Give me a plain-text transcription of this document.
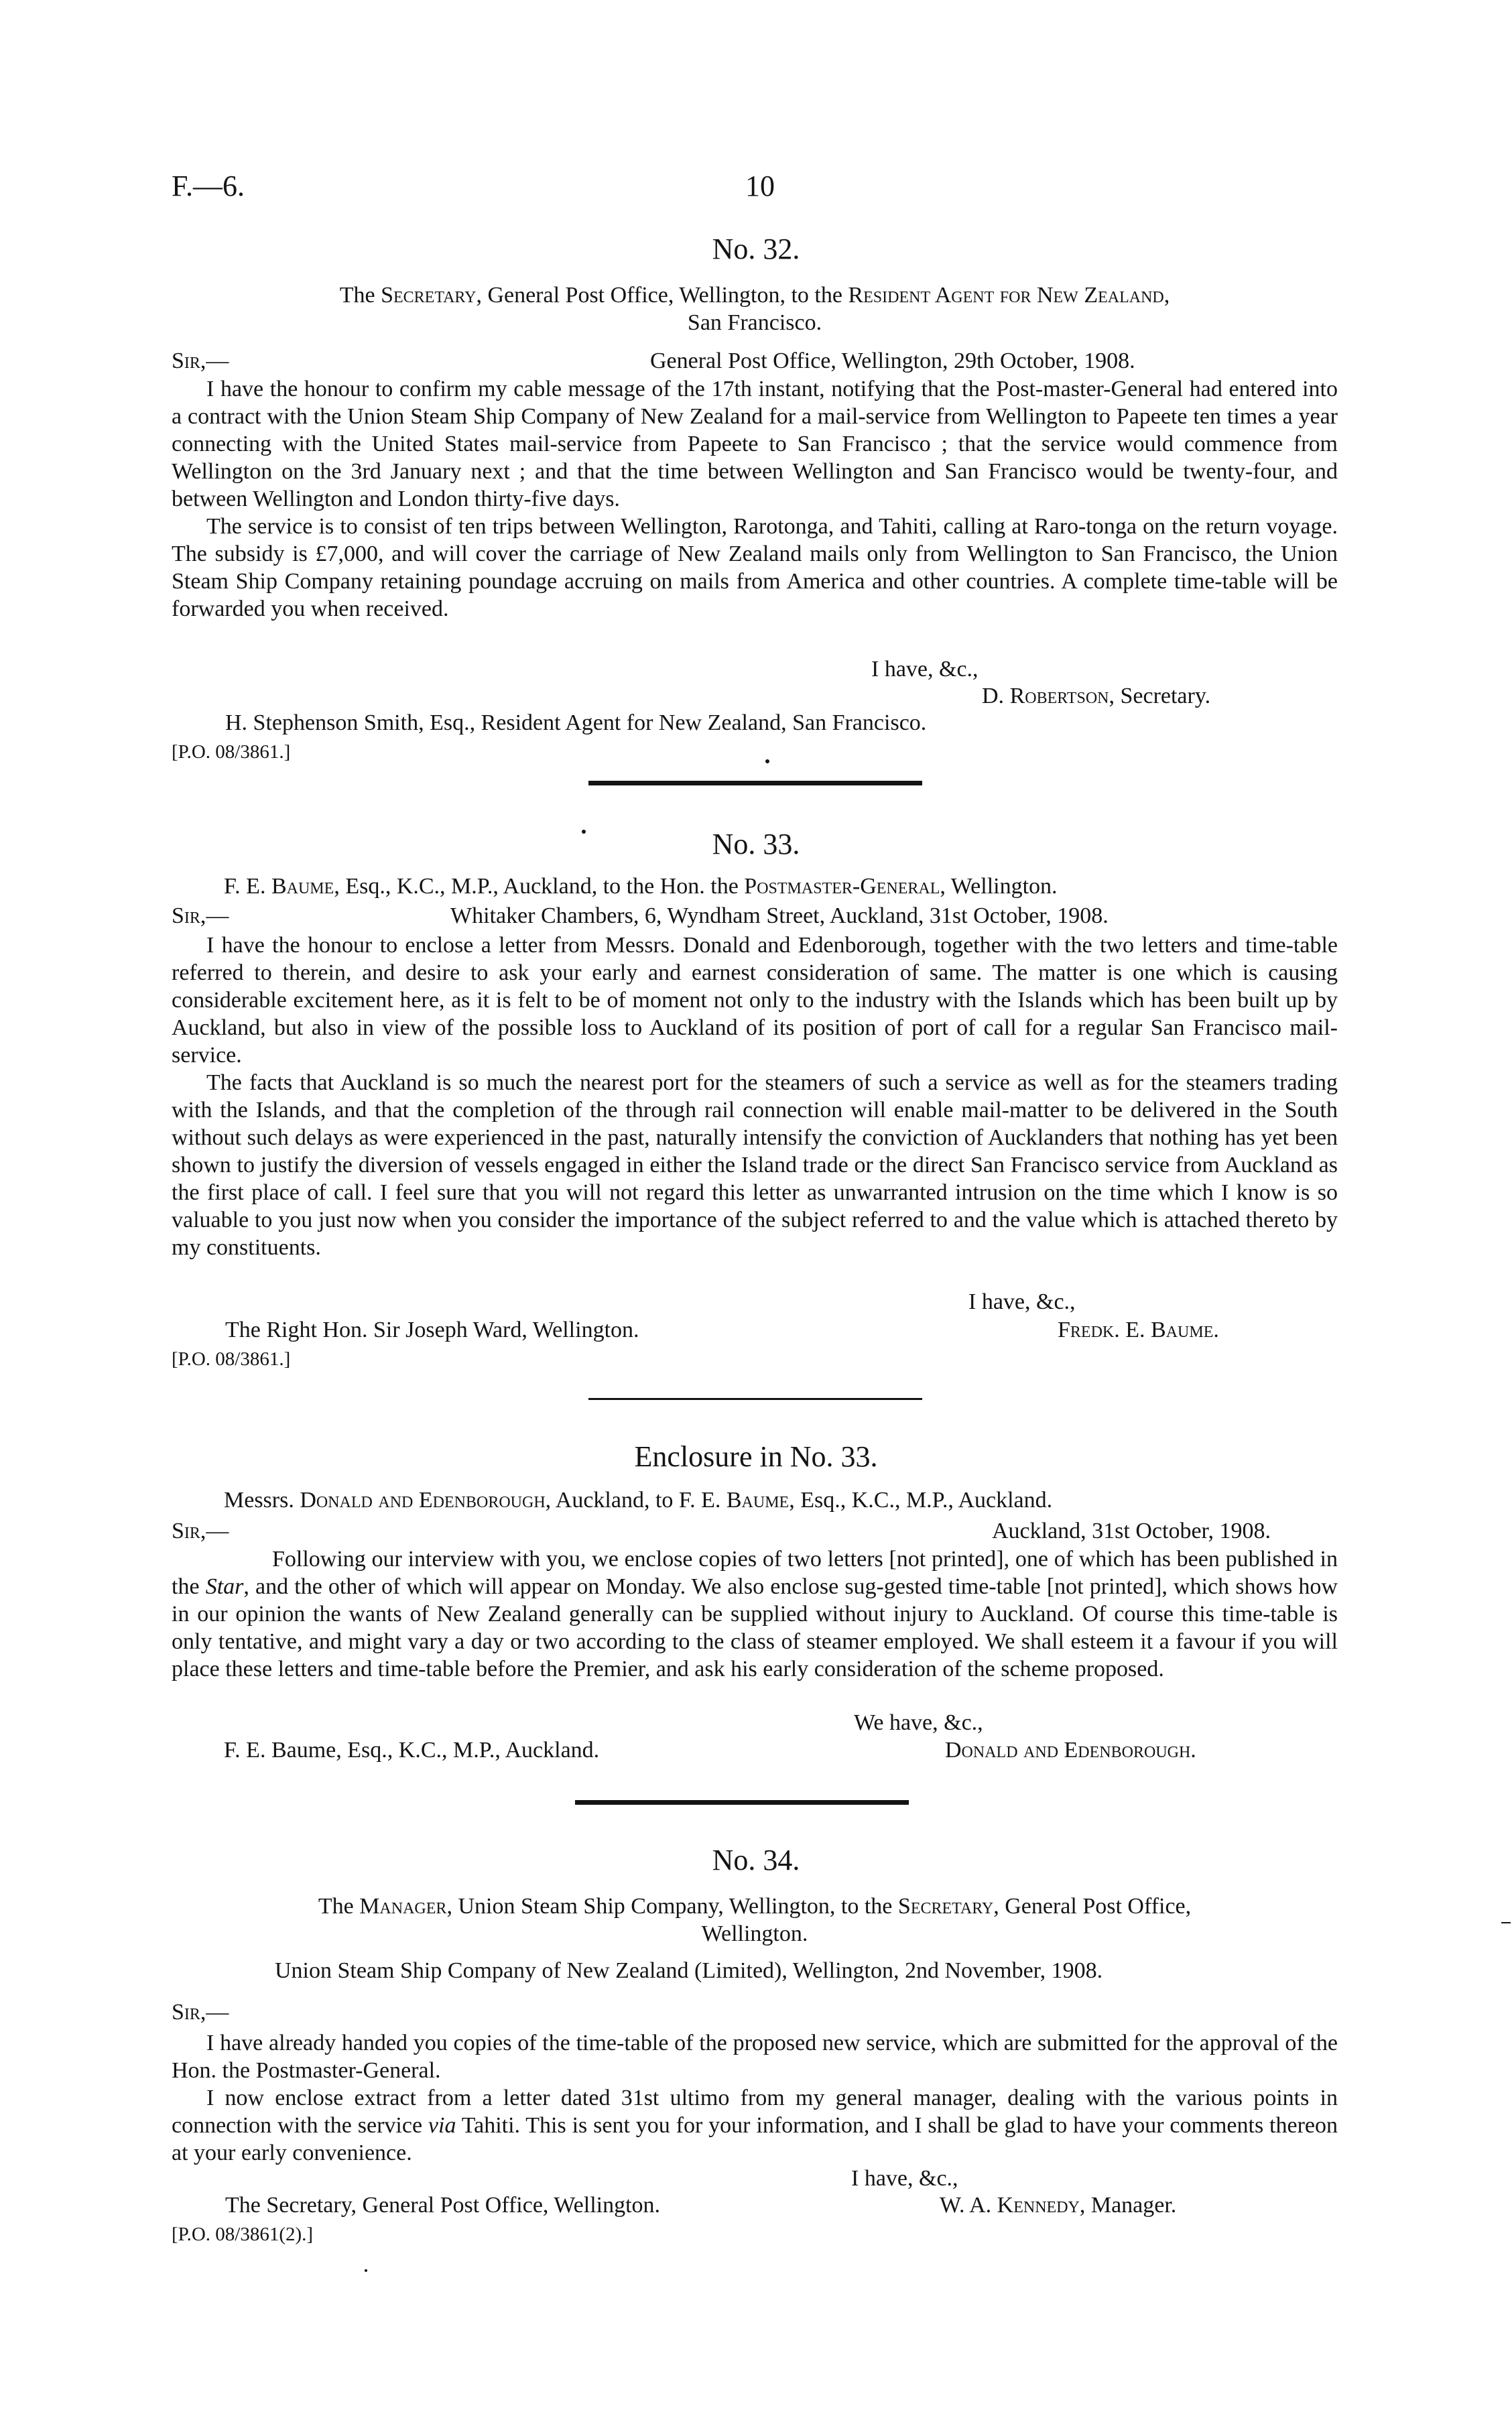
F.—6.	10
No. 32.
The Secretary, General Post Office, Wellington, to the Resident Agent for New Zealand,
San Francisco.
Sir,—	General Post Office, Wellington, 29th October, 1908.

I have the honour to confirm my cable message of the 17th instant, notifying that the Post-master-General had entered into a contract with the Union Steam Ship Company of New Zealand for a mail-service from Wellington to Papeete ten times a year connecting with the United States mail-service from Papeete to San Francisco ; that the service would commence from Wellington on the 3rd January next ; and that the time between Wellington and San Francisco would be twenty-four, and between Wellington and London thirty-five days.

The service is to consist of ten trips between Wellington, Rarotonga, and Tahiti, calling at Raro-tonga on the return voyage. The subsidy is £7,000, and will cover the carriage of New Zealand mails only from Wellington to San Francisco, the Union Steam Ship Company retaining poundage accruing on mails from America and other countries. A complete time-table will be forwarded you when received.

I have, &c.,
D. Robertson, Secretary.
H. Stephenson Smith, Esq., Resident Agent for New Zealand, San Francisco.
[P.O. 08/3861.]
No. 33.
F. E. Baume, Esq., K.C., M.P., Auckland, to the Hon. the Postmaster-General, Wellington.
Sir,—	Whitaker Chambers, 6, Wyndham Street, Auckland, 31st October, 1908.

I have the honour to enclose a letter from Messrs. Donald and Edenborough, together with the two letters and time-table referred to therein, and desire to ask your early and earnest consideration of same. The matter is one which is causing considerable excitement here, as it is felt to be of moment not only to the industry with the Islands which has been built up by Auckland, but also in view of the possible loss to Auckland of its position of port of call for a regular San Francisco mail-service.

The facts that Auckland is so much the nearest port for the steamers of such a service as well as for the steamers trading with the Islands, and that the completion of the through rail connection will enable mail-matter to be delivered in the South without such delays as were experienced in the past, naturally intensify the conviction of Aucklanders that nothing has yet been shown to justify the diversion of vessels engaged in either the Island trade or the direct San Francisco service from Auckland as the first place of call. I feel sure that you will not regard this letter as unwarranted intrusion on the time which I know is so valuable to you just now when you consider the importance of the subject referred to and the value which is attached thereto by my constituents.

I have, &c.,
The Right Hon. Sir Joseph Ward, Wellington.	Fredk. E. Baume.
[P.O. 08/3861.]
Enclosure in No. 33.
Messrs. Donald and Edenborough, Auckland, to F. E. Baume, Esq., K.C., M.P., Auckland.
Sir,—	Auckland, 31st October, 1908.

Following our interview with you, we enclose copies of two letters [not printed], one of which has been published in the Star, and the other of which will appear on Monday. We also enclose sug-gested time-table [not printed], which shows how in our opinion the wants of New Zealand generally can be supplied without injury to Auckland. Of course this time-table is only tentative, and might vary a day or two according to the class of steamer employed. We shall esteem it a favour if you will place these letters and time-table before the Premier, and ask his early consideration of the scheme proposed.

We have, &c.,
F. E. Baume, Esq., K.C., M.P., Auckland.	Donald and Edenborough.
No. 34.
The Manager, Union Steam Ship Company, Wellington, to the Secretary, General Post Office,
Wellington.
Union Steam Ship Company of New Zealand (Limited), Wellington, 2nd November, 1908.
Sir,—

I have already handed you copies of the time-table of the proposed new service, which are submitted for the approval of the Hon. the Postmaster-General.

I now enclose extract from a letter dated 31st ultimo from my general manager, dealing with the various points in connection with the service via Tahiti. This is sent you for your information, and I shall be glad to have your comments thereon at your early convenience.

I have, &c.,
The Secretary, General Post Office, Wellington.	W. A. Kennedy, Manager.
[P.O. 08/3861(2).]
